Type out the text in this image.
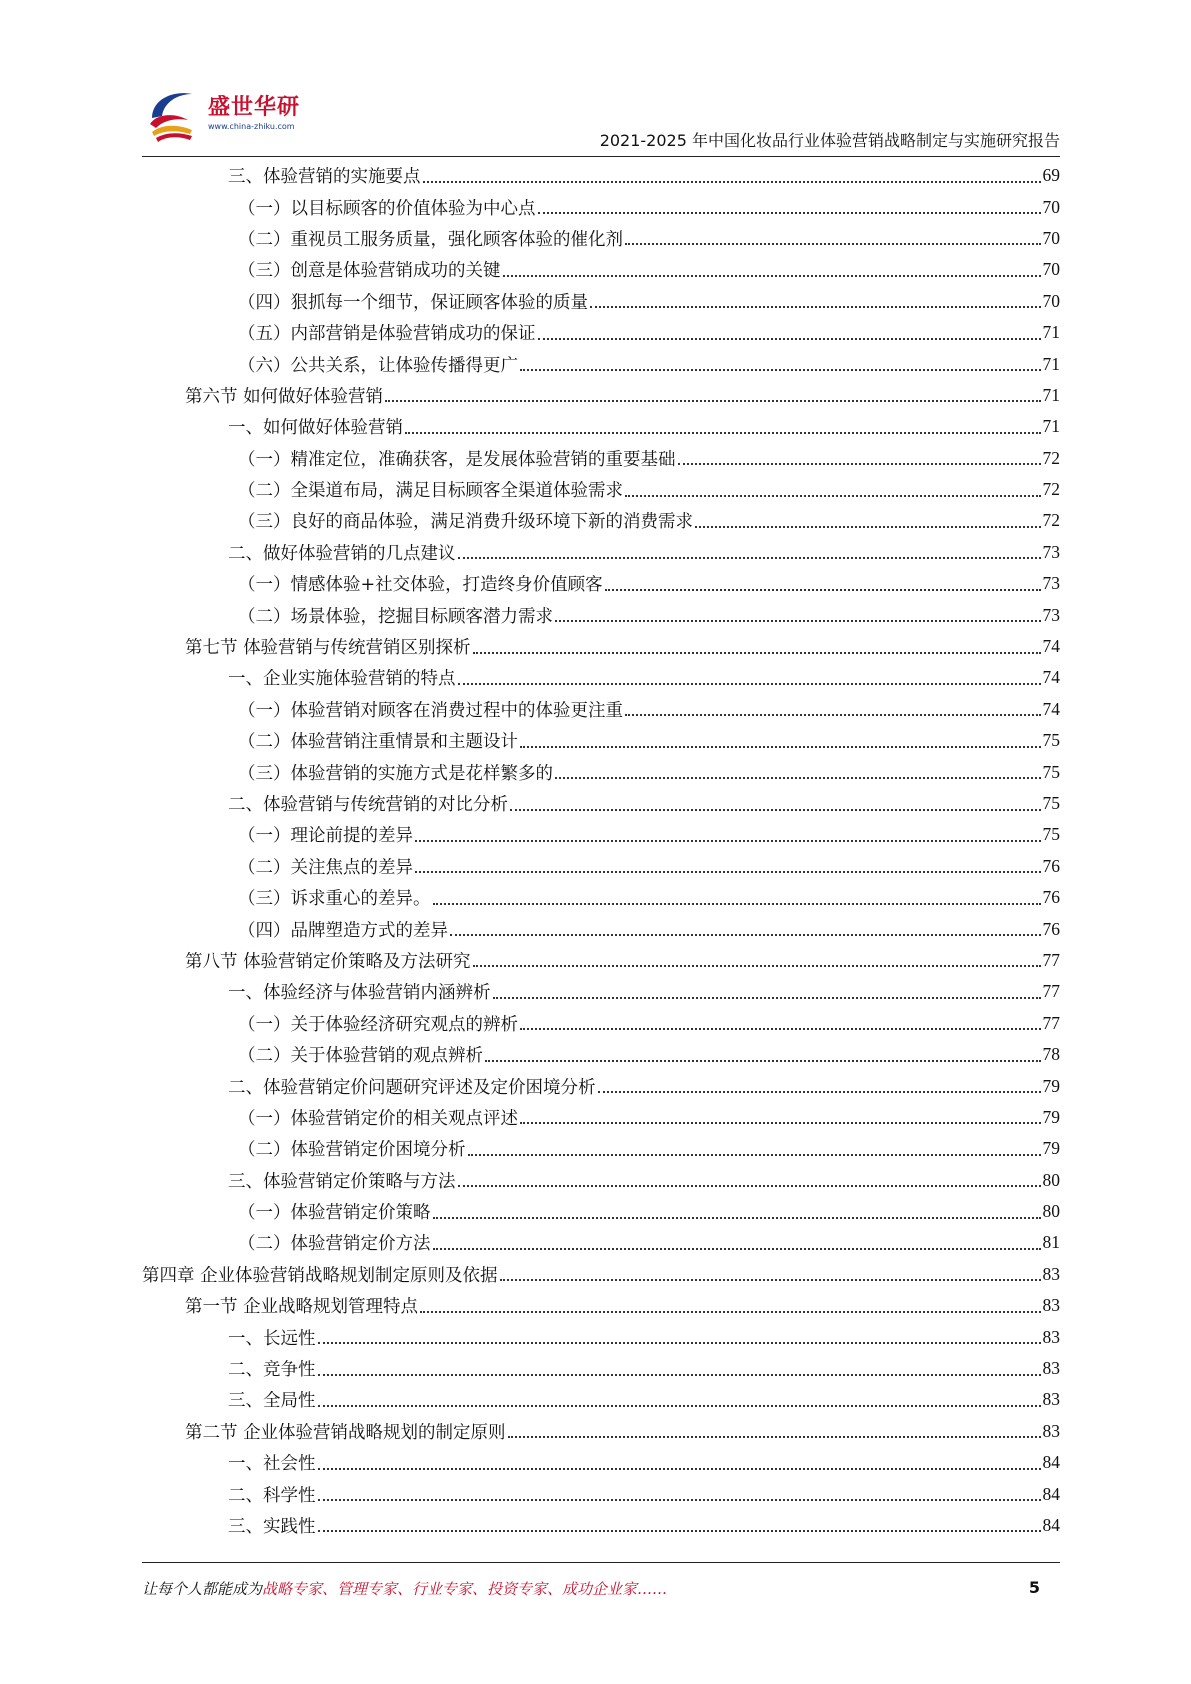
盛世华研
www.china-zhiku.com
2021-2025 年中国化妆品行业体验营销战略制定与实施研究报告
三、体验营销的实施要点	69
（一）以目标顾客的价值体验为中心点	70
（二）重视员工服务质量，强化顾客体验的催化剂	70
（三）创意是体验营销成功的关键	70
（四）狠抓每一个细节，保证顾客体验的质量	70
（五）内部营销是体验营销成功的保证	71
（六）公共关系，让体验传播得更广	71
第六节 如何做好体验营销	71
一、如何做好体验营销	71
（一）精准定位，准确获客，是发展体验营销的重要基础	72
（二）全渠道布局，满足目标顾客全渠道体验需求	72
（三）良好的商品体验，满足消费升级环境下新的消费需求	72
二、做好体验营销的几点建议	73
（一）情感体验+社交体验，打造终身价值顾客	73
（二）场景体验，挖掘目标顾客潜力需求	73
第七节 体验营销与传统营销区别探析	74
一、企业实施体验营销的特点	74
（一）体验营销对顾客在消费过程中的体验更注重	74
（二）体验营销注重情景和主题设计	75
（三）体验营销的实施方式是花样繁多的	75
二、体验营销与传统营销的对比分析	75
（一）理论前提的差异	75
（二）关注焦点的差异	76
（三）诉求重心的差异。	76
（四）品牌塑造方式的差异	76
第八节 体验营销定价策略及方法研究	77
一、体验经济与体验营销内涵辨析	77
（一）关于体验经济研究观点的辨析	77
（二）关于体验营销的观点辨析	78
二、体验营销定价问题研究评述及定价困境分析	79
（一）体验营销定价的相关观点评述	79
（二）体验营销定价困境分析	79
三、体验营销定价策略与方法	80
（一）体验营销定价策略	80
（二）体验营销定价方法	81
第四章 企业体验营销战略规划制定原则及依据	83
第一节 企业战略规划管理特点	83
一、长远性	83
二、竞争性	83
三、全局性	83
第二节 企业体验营销战略规划的制定原则	83
一、社会性	84
二、科学性	84
三、实践性	84
让每个人都能成为战略专家、管理专家、行业专家、投资专家、成功企业家……	5
